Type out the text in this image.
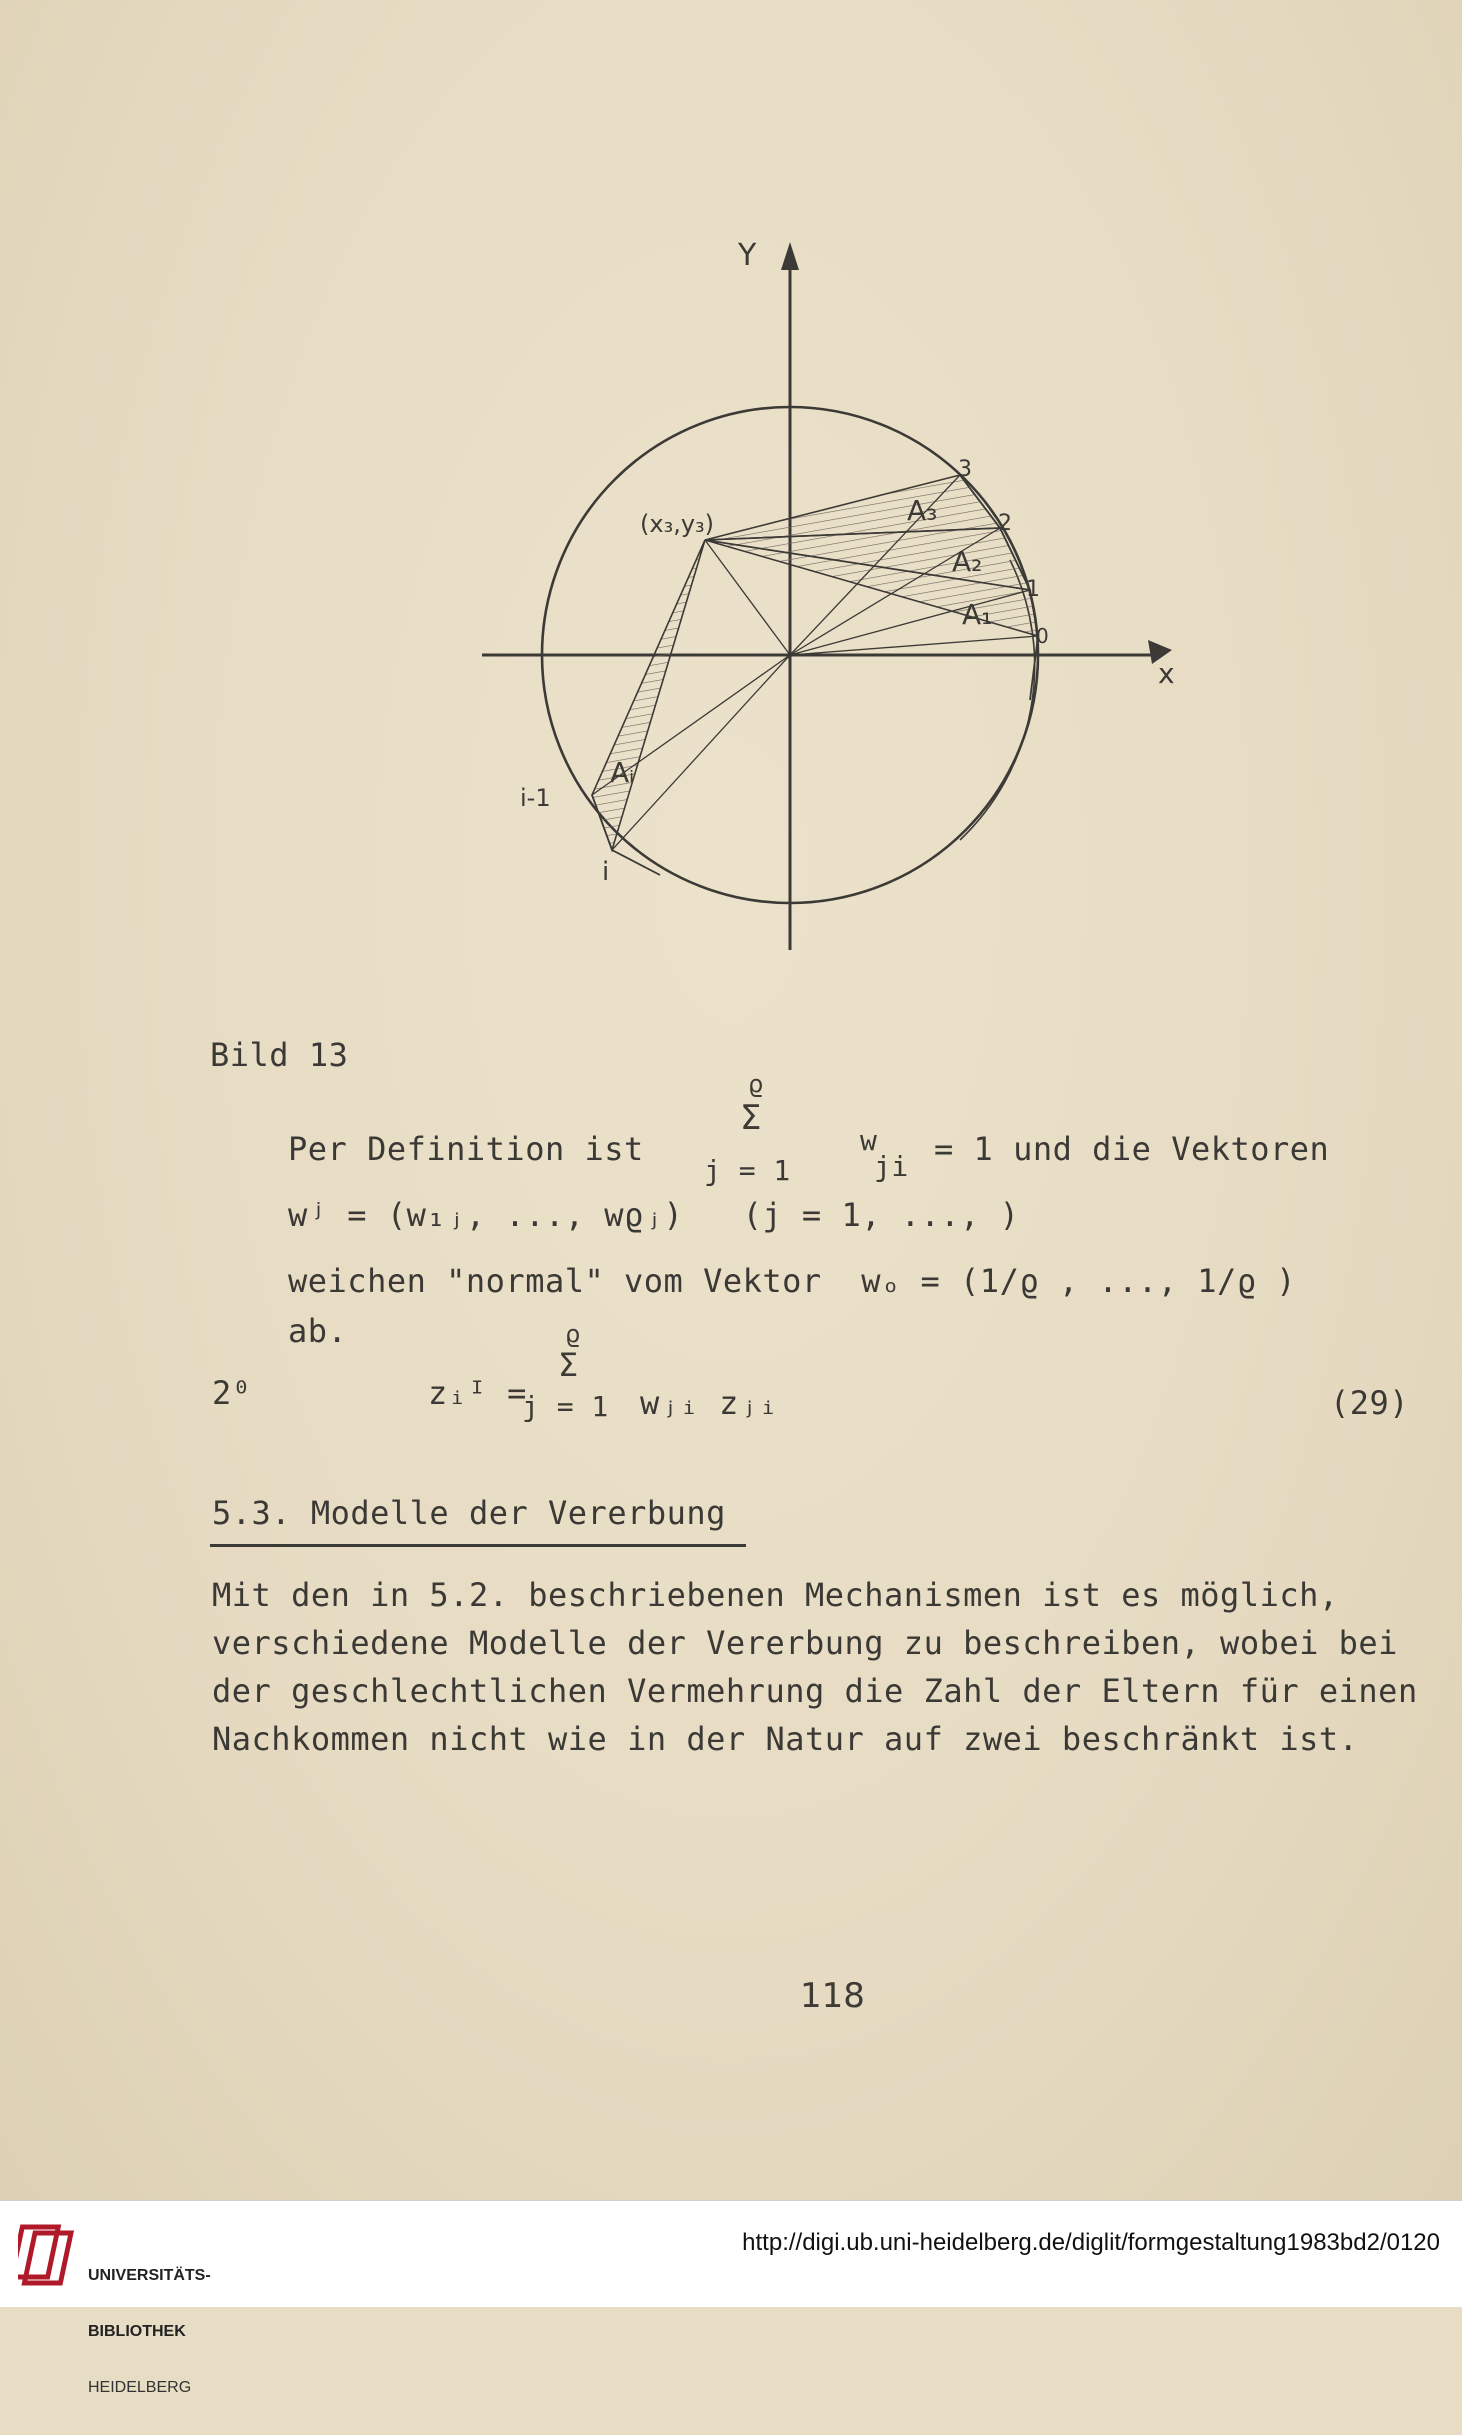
Y
x
(x₃,y₃)	A₃
A₂
A₁
Aᵢ
3
2
1
0
i-1
i
Bild 13
Per Definition ist
ϱ
Σ
j = 1
w
ji = 1 und die Vektoren
wʲ = (w₁ⱼ, ..., wϱⱼ)   (j = 1, ..., )
weichen "normal" vom Vektor  wₒ = (1/ϱ , ..., 1/ϱ )
ab.
2⁰	zᵢᴵ =
ϱ
Σ
j = 1 wⱼᵢ zⱼᵢ	(29)
5.3. Modelle der Vererbung
Mit den in 5.2. beschriebenen Mechanismen ist es möglich,
verschiedene Modelle der Vererbung zu beschreiben, wobei bei
der geschlechtlichen Vermehrung die Zahl der Eltern für einen
Nachkommen nicht wie in der Natur auf zwei beschränkt ist.
118

UNIVERSITÄTS-

BIBLIOTHEK

HEIDELBERG

http://digi.ub.uni-heidelberg.de/diglit/formgestaltung1983bd2/0120
